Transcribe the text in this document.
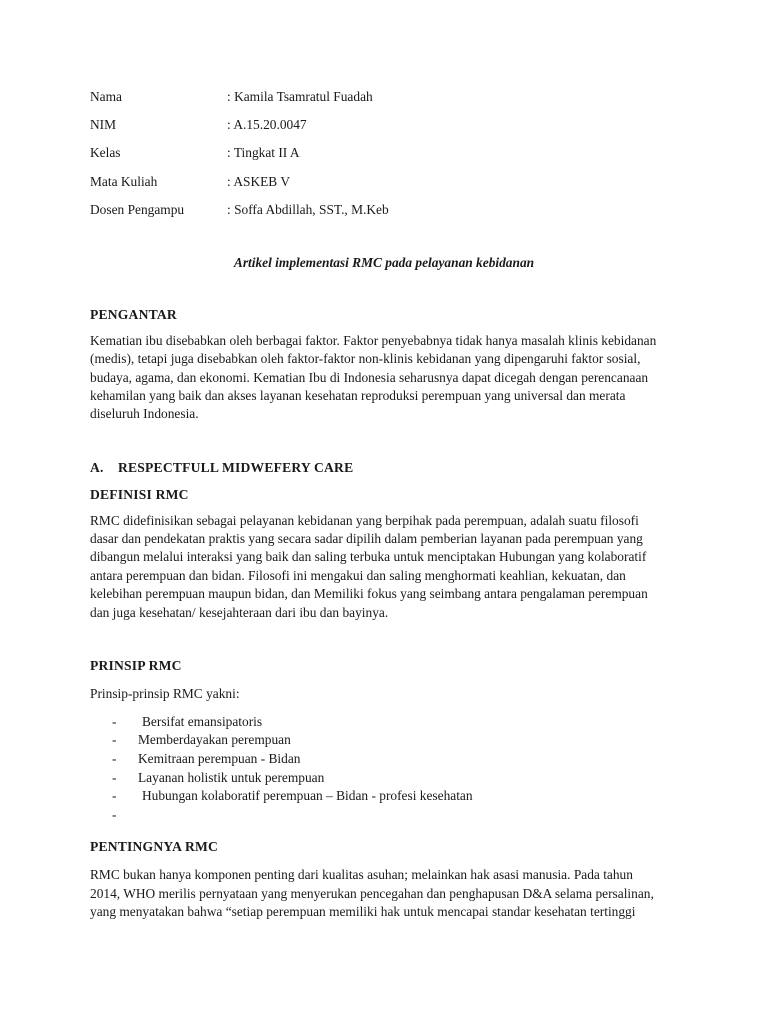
Nama	: Kamila Tsamratul Fuadah
NIM	: A.15.20.0047
Kelas	: Tingkat II A
Mata Kuliah	: ASKEB V
Dosen Pengampu	: Soffa Abdillah, SST., M.Keb
Artikel implementasi RMC pada pelayanan kebidanan
PENGANTAR
Kematian ibu disebabkan oleh berbagai faktor. Faktor penyebabnya tidak hanya masalah klinis kebidanan
(medis), tetapi juga disebabkan oleh faktor-faktor non-klinis kebidanan yang dipengaruhi faktor sosial,
budaya, agama, dan ekonomi. Kematian Ibu di Indonesia seharusnya dapat dicegah dengan perencanaan
kehamilan yang baik dan akses layanan kesehatan reproduksi perempuan yang universal dan merata
diseluruh Indonesia.
A.	RESPECTFULL MIDWEFERY CARE
DEFINISI RMC
RMC didefinisikan sebagai pelayanan kebidanan yang berpihak pada perempuan, adalah suatu filosofi
dasar dan pendekatan praktis yang secara sadar dipilih dalam pemberian layanan pada perempuan yang
dibangun melalui interaksi yang baik dan saling terbuka untuk menciptakan Hubungan yang kolaboratif
antara perempuan dan bidan. Filosofi ini mengakui dan saling menghormati keahlian, kekuatan, dan
kelebihan perempuan maupun bidan, dan Memiliki fokus yang seimbang antara pengalaman perempuan
dan juga kesehatan/ kesejahteraan dari ibu dan bayinya.
PRINSIP RMC
Prinsip-prinsip RMC yakni:
-	Bersifat emansipatoris
-	Memberdayakan perempuan
-	Kemitraan perempuan - Bidan
-	Layanan holistik untuk perempuan
-	Hubungan kolaboratif perempuan – Bidan - profesi kesehatan
-
PENTINGNYA RMC
RMC bukan hanya komponen penting dari kualitas asuhan; melainkan hak asasi manusia. Pada tahun
2014, WHO merilis pernyataan yang menyerukan pencegahan dan penghapusan D&A selama persalinan,
yang menyatakan bahwa “setiap perempuan memiliki hak untuk mencapai standar kesehatan tertinggi
